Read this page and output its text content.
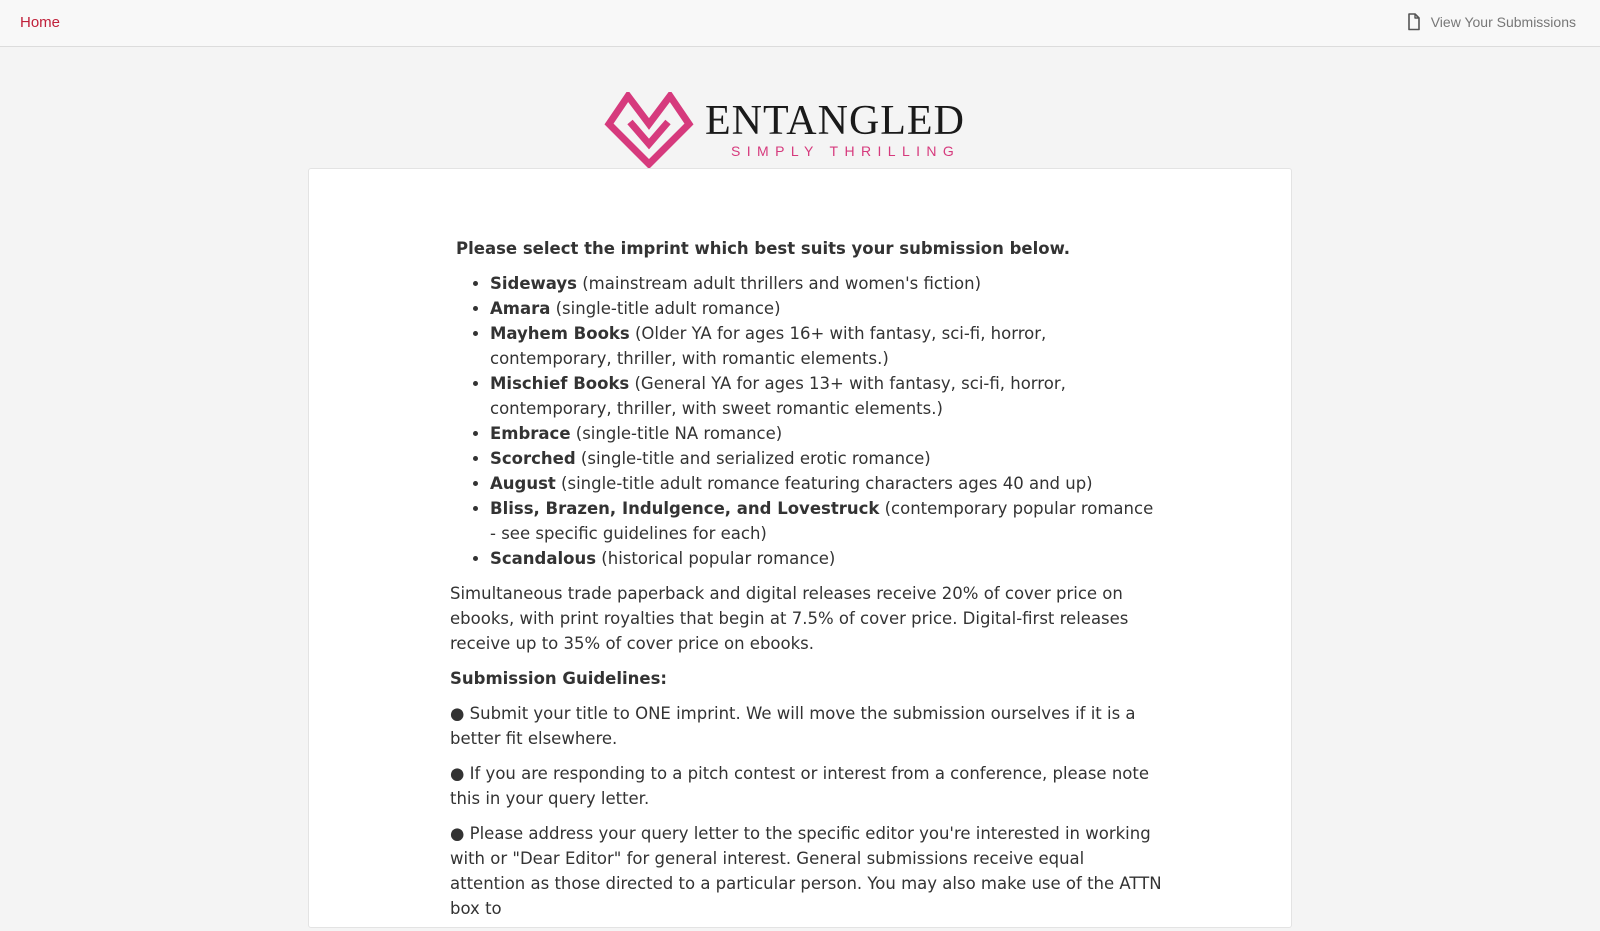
Home	View Your Submissions
ENTANGLED
SIMPLY THRILLING
Please select the imprint which best suits your submission below.
• Sideways (mainstream adult thrillers and women's fiction)
• Amara (single-title adult romance)
• Mayhem Books (Older YA for ages 16+ with fantasy, sci-fi, horror, contemporary, thriller, with romantic elements.)
• Mischief Books (General YA for ages 13+ with fantasy, sci-fi, horror, contemporary, thriller, with sweet romantic elements.)
• Embrace (single-title NA romance)
• Scorched (single-title and serialized erotic romance)
• August (single-title adult romance featuring characters ages 40 and up)
• Bliss, Brazen, Indulgence, and Lovestruck (contemporary popular romance - see specific guidelines for each)
• Scandalous (historical popular romance)

Simultaneous trade paperback and digital releases receive 20% of cover price on ebooks, with print royalties that begin at 7.5% of cover price. Digital-first releases receive up to 35% of cover price on ebooks.

Submission Guidelines:

● Submit your title to ONE imprint. We will move the submission ourselves if it is a better fit elsewhere.

● If you are responding to a pitch contest or interest from a conference, please note this in your query letter.

● Please address your query letter to the specific editor you're interested in working with or "Dear Editor" for general interest. General submissions receive equal attention as those directed to a particular person. You may also make use of the ATTN box to
